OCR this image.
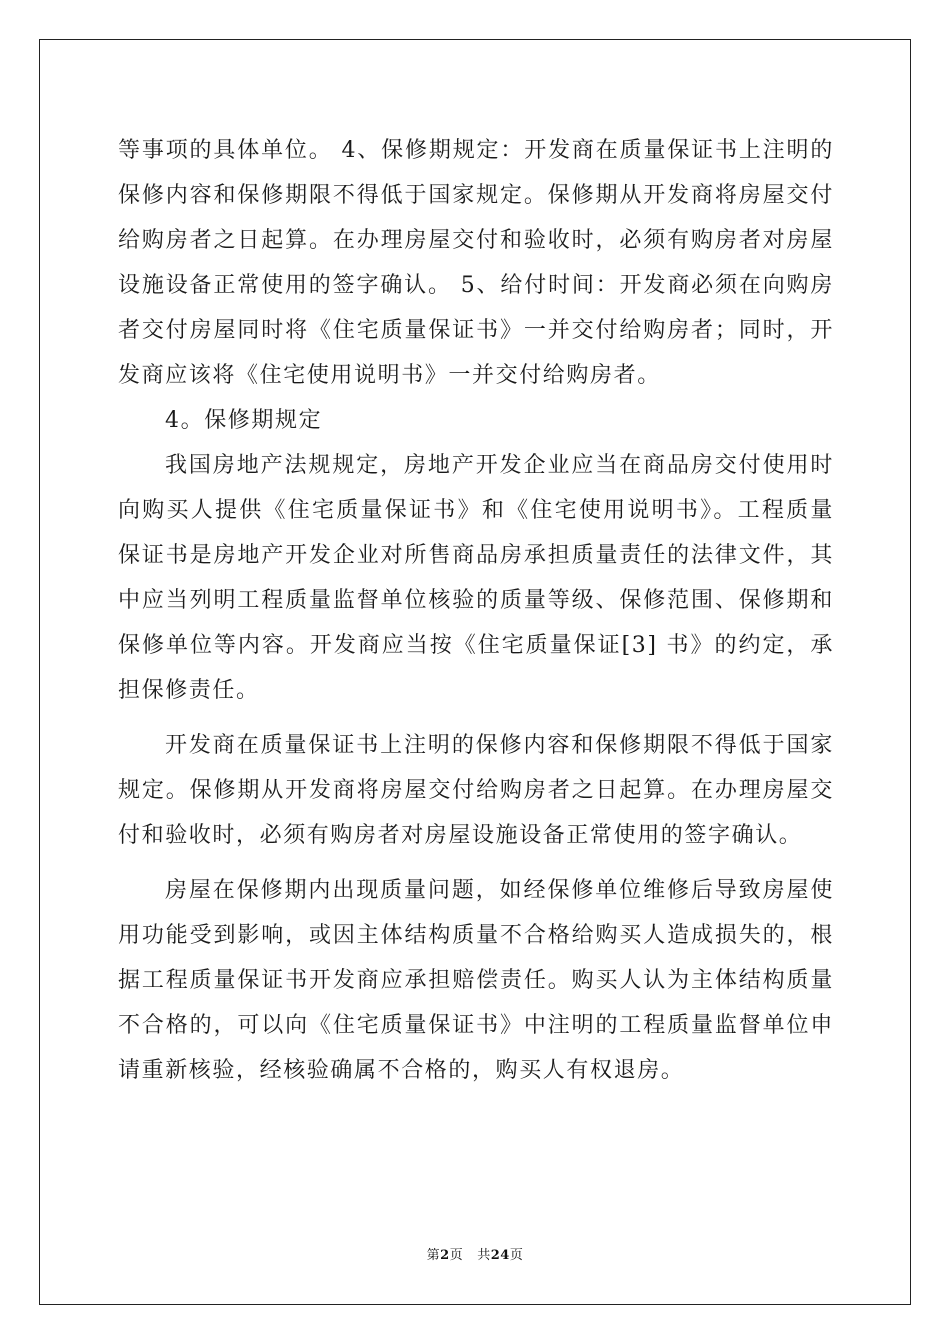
等事项的具体单位。 4、保修期规定：开发商在质量保证书上注明的保修内容和保修期限不得低于国家规定。保修期从开发商将房屋交付给购房者之日起算。在办理房屋交付和验收时，必须有购房者对房屋设施设备正常使用的签字确认。 5、给付时间：开发商必须在向购房者交付房屋同时将《住宅质量保证书》一并交付给购房者；同时，开发商应该将《住宅使用说明书》一并交付给购房者。

4。保修期规定

我国房地产法规规定，房地产开发企业应当在商品房交付使用时向购买人提供《住宅质量保证书》和《住宅使用说明书》。工程质量保证书是房地产开发企业对所售商品房承担质量责任的法律文件，其中应当列明工程质量监督单位核验的质量等级、保修范围、保修期和保修单位等内容。开发商应当按《住宅质量保证[3] 书》的约定，承担保修责任。

开发商在质量保证书上注明的保修内容和保修期限不得低于国家规定。保修期从开发商将房屋交付给购房者之日起算。在办理房屋交付和验收时，必须有购房者对房屋设施设备正常使用的签字确认。

房屋在保修期内出现质量问题，如经保修单位维修后导致房屋使用功能受到影响，或因主体结构质量不合格给购买人造成损失的，根据工程质量保证书开发商应承担赔偿责任。购买人认为主体结构质量不合格的，可以向《住宅质量保证书》中注明的工程质量监督单位申请重新核验，经核验确属不合格的，购买人有权退房。

第2页 共24页
